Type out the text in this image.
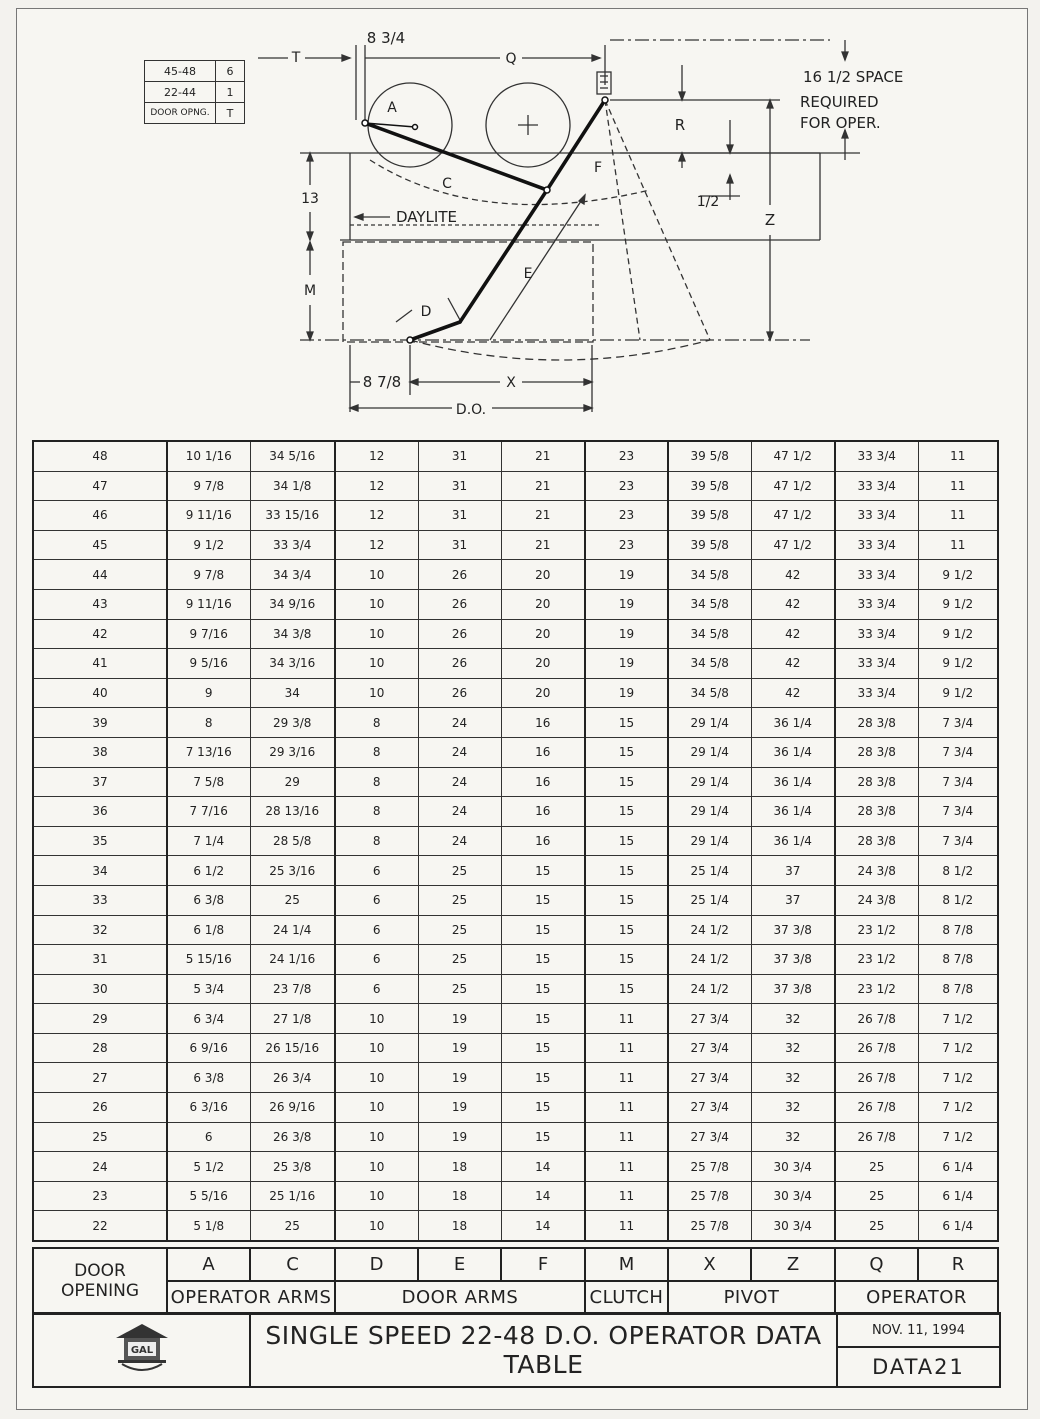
45-48	6
22-44	1
DOOR OPNG.	T
T
8 3/4
Q
16 1/2 SPACE
REQUIRED
FOR OPER.
A
R
C
F
1/2
13
DAYLITE	Z
E
M
D
8 7/8	X
D.O.
48	10 1/16	34 5/16	12	31	21	23	39 5/8	47 1/2	33 3/4	11
47	9 7/8	34 1/8	12	31	21	23	39 5/8	47 1/2	33 3/4	11
46	9 11/16	33 15/16	12	31	21	23	39 5/8	47 1/2	33 3/4	11
45	9 1/2	33 3/4	12	31	21	23	39 5/8	47 1/2	33 3/4	11
44	9 7/8	34 3/4	10	26	20	19	34 5/8	42	33 3/4	9 1/2
43	9 11/16	34 9/16	10	26	20	19	34 5/8	42	33 3/4	9 1/2
42	9 7/16	34 3/8	10	26	20	19	34 5/8	42	33 3/4	9 1/2
41	9 5/16	34 3/16	10	26	20	19	34 5/8	42	33 3/4	9 1/2
40	9	34	10	26	20	19	34 5/8	42	33 3/4	9 1/2
39	8	29 3/8	8	24	16	15	29 1/4	36 1/4	28 3/8	7 3/4
38	7 13/16	29 3/16	8	24	16	15	29 1/4	36 1/4	28 3/8	7 3/4
37	7 5/8	29	8	24	16	15	29 1/4	36 1/4	28 3/8	7 3/4
36	7 7/16	28 13/16	8	24	16	15	29 1/4	36 1/4	28 3/8	7 3/4
35	7 1/4	28 5/8	8	24	16	15	29 1/4	36 1/4	28 3/8	7 3/4
34	6 1/2	25 3/16	6	25	15	15	25 1/4	37	24 3/8	8 1/2
33	6 3/8	25	6	25	15	15	25 1/4	37	24 3/8	8 1/2
32	6 1/8	24 1/4	6	25	15	15	24 1/2	37 3/8	23 1/2	8 7/8
31	5 15/16	24 1/16	6	25	15	15	24 1/2	37 3/8	23 1/2	8 7/8
30	5 3/4	23 7/8	6	25	15	15	24 1/2	37 3/8	23 1/2	8 7/8
29	6 3/4	27 1/8	10	19	15	11	27 3/4	32	26 7/8	7 1/2
28	6 9/16	26 15/16	10	19	15	11	27 3/4	32	26 7/8	7 1/2
27	6 3/8	26 3/4	10	19	15	11	27 3/4	32	26 7/8	7 1/2
26	6 3/16	26 9/16	10	19	15	11	27 3/4	32	26 7/8	7 1/2
25	6	26 3/8	10	19	15	11	27 3/4	32	26 7/8	7 1/2
24	5 1/2	25 3/8	10	18	14	11	25 7/8	30 3/4	25	6 1/4
23	5 5/16	25 1/16	10	18	14	11	25 7/8	30 3/4	25	6 1/4
22	5 1/8	25	10	18	14	11	25 7/8	30 3/4	25	6 1/4
DOOR OPENING	A	C	D	E	F	M	X	Z	Q	R
	OPERATOR ARMS		DOOR ARMS			CLUTCH	PIVOT		OPERATOR	
GAL
	SINGLE SPEED 22-48 D.O. OPERATOR DATA TABLE	NOV. 11, 1994
DATA21
